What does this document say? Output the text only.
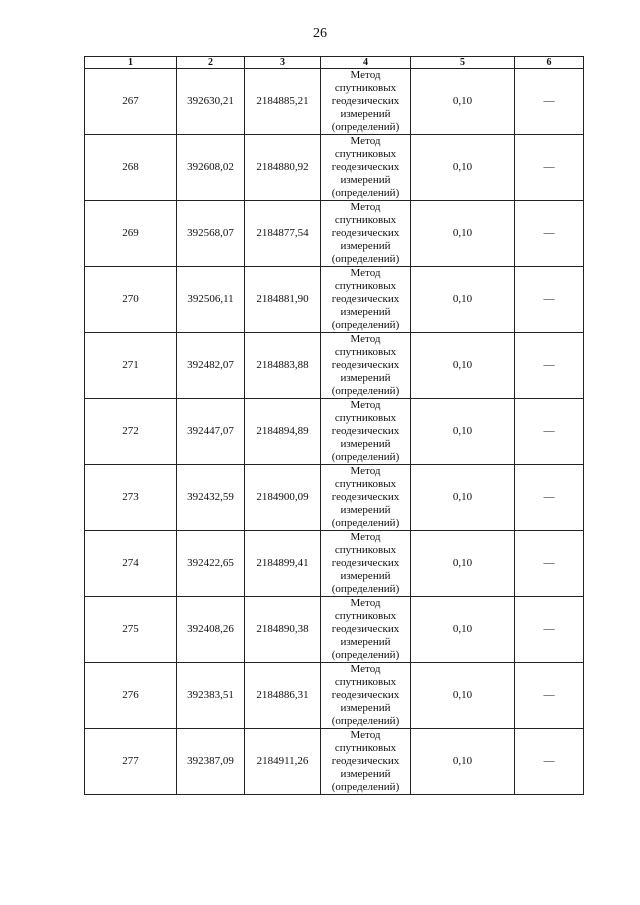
26
1	2	3	4	5	6
267	392630,21	2184885,21	Метод
спутниковых
геодезических
измерений
(определений)	0,10	—
268	392608,02	2184880,92	Метод
спутниковых
геодезических
измерений
(определений)	0,10	—
269	392568,07	2184877,54	Метод
спутниковых
геодезических
измерений
(определений)	0,10	—
270	392506,11	2184881,90	Метод
спутниковых
геодезических
измерений
(определений)	0,10	—
271	392482,07	2184883,88	Метод
спутниковых
геодезических
измерений
(определений)	0,10	—
272	392447,07	2184894,89	Метод
спутниковых
геодезических
измерений
(определений)	0,10	—
273	392432,59	2184900,09	Метод
спутниковых
геодезических
измерений
(определений)	0,10	—
274	392422,65	2184899,41	Метод
спутниковых
геодезических
измерений
(определений)	0,10	—
275	392408,26	2184890,38	Метод
спутниковых
геодезических
измерений
(определений)	0,10	—
276	392383,51	2184886,31	Метод
спутниковых
геодезических
измерений
(определений)	0,10	—
277	392387,09	2184911,26	Метод
спутниковых
геодезических
измерений
(определений)	0,10	—
